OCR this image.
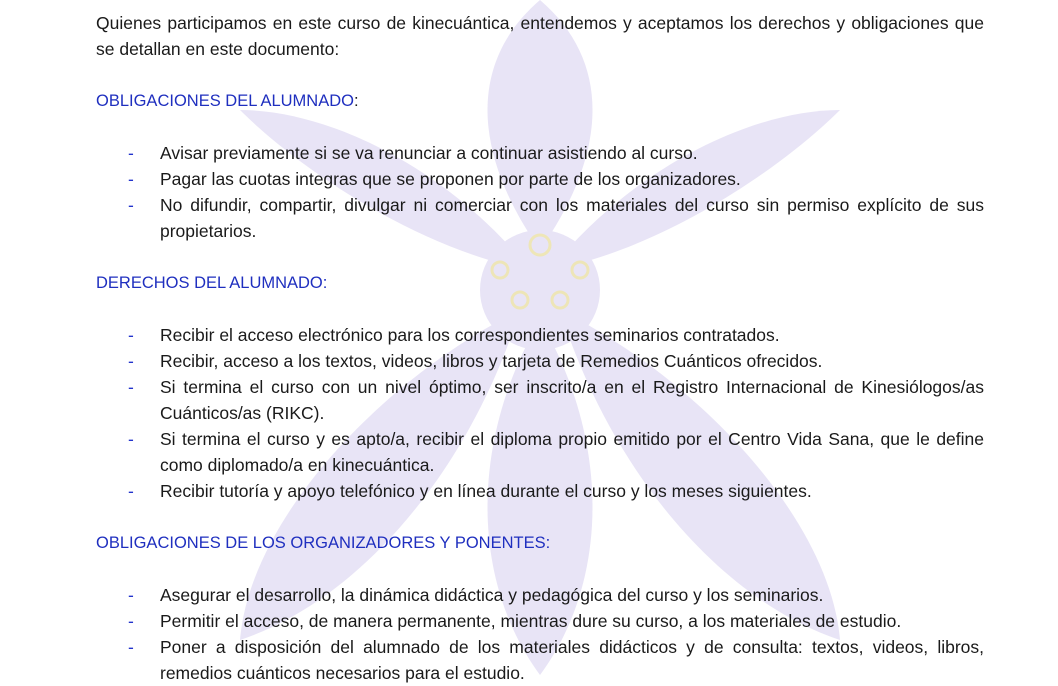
Quienes participamos en este curso de kinecuántica, entendemos y aceptamos los derechos y obligaciones que se detallan en este documento:

OBLIGACIONES DEL ALUMNADO:

- Avisar previamente si se va renunciar a continuar asistiendo al curso.
- Pagar las cuotas integras que se proponen por parte de los organizadores.
- No difundir, compartir, divulgar ni comerciar con los materiales del curso sin permiso explícito de sus propietarios.

DERECHOS DEL ALUMNADO:

- Recibir el acceso electrónico para los correspondientes seminarios contratados.
- Recibir, acceso a los textos, videos, libros y tarjeta de Remedios Cuánticos ofrecidos.
- Si termina el curso con un nivel óptimo, ser inscrito/a en el Registro Internacional de Kinesiólogos/as Cuánticos/as (RIKC).
- Si termina el curso y es apto/a, recibir el diploma propio emitido por el Centro Vida Sana, que le define como diplomado/a en kinecuántica.
- Recibir tutoría y apoyo telefónico y en línea durante el curso y los meses siguientes.

OBLIGACIONES DE LOS ORGANIZADORES Y PONENTES:

- Asegurar el desarrollo, la dinámica didáctica y pedagógica del curso y los seminarios.
- Permitir el acceso, de manera permanente, mientras dure su curso, a los materiales de estudio.
- Poner a disposición del alumnado de los materiales didácticos y de consulta: textos, videos, libros, remedios cuánticos necesarios para el estudio.
